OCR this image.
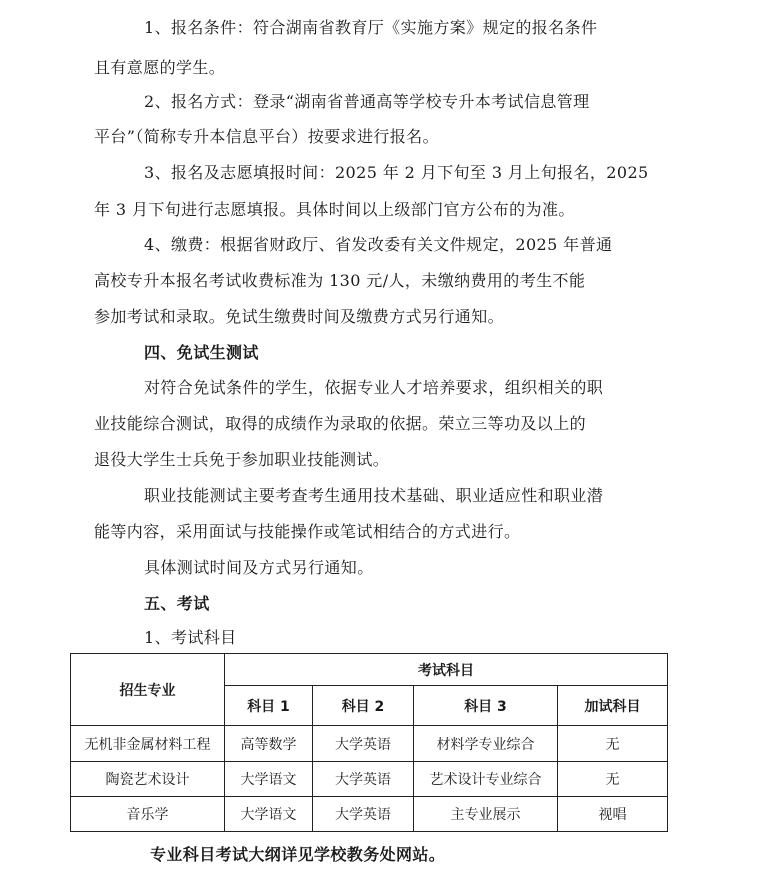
1、报名条件：符合湖南省教育厅《实施方案》规定的报名条件
且有意愿的学生。
2、报名方式：登录“湖南省普通高等学校专升本考试信息管理
平台”（简称专升本信息平台）按要求进行报名。
3、报名及志愿填报时间：2025 年 2 月下旬至 3 月上旬报名，2025
年 3 月下旬进行志愿填报。具体时间以上级部门官方公布的为准。
4、缴费：根据省财政厅、省发改委有关文件规定，2025 年普通
高校专升本报名考试收费标准为 130 元/人，未缴纳费用的考生不能
参加考试和录取。免试生缴费时间及缴费方式另行通知。
四、免试生测试
对符合免试条件的学生，依据专业人才培养要求，组织相关的职
业技能综合测试，取得的成绩作为录取的依据。荣立三等功及以上的
退役大学生士兵免于参加职业技能测试。
职业技能测试主要考查考生通用技术基础、职业适应性和职业潜
能等内容，采用面试与技能操作或笔试相结合的方式进行。
具体测试时间及方式另行通知。
五、考试
1、考试科目
招生专业	考试科目			
	科目 1	科目 2	科目 3	加试科目
无机非金属材料工程	高等数学	大学英语	材料学专业综合	无
陶瓷艺术设计	大学语文	大学英语	艺术设计专业综合	无
音乐学	大学语文	大学英语	主专业展示	视唱
专业科目考试大纲详见学校教务处网站。
